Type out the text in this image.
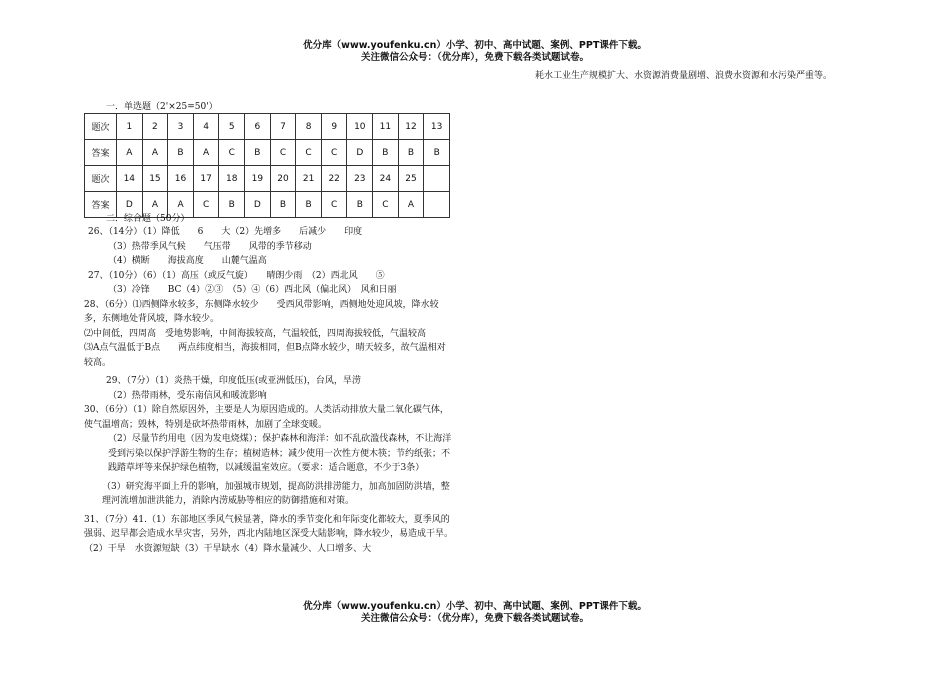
优分库（www.youfenku.cn）小学、初中、高中试题、案例、PPT课件下载。
关注微信公众号：（优分库），免费下载各类试题试卷。
耗水工业生产规模扩大、水资源消费量剧增、浪费水资源和水污染严重等。
一．单选题（2'×25=50'）
题次	1	2	3	4	5	6	7	8	9	10	11	12	13
答案	A	A	B	A	C	B	C	C	C	D	B	B	B
题次	14	15	16	17	18	19	20	21	22	23	24	25	
答案	D	A	A	C	B	D	B	B	C	B	C	A	
二．综合题（50分）

26、（14分）（1）降低　　6　　大（2）先增多　　后减少　　印度

（3）热带季风气候　　气压带　　风带的季节移动

（4）横断　　海拔高度　　山麓气温高

27、（10分）（6）（1）高压（或反气旋）　　晴朗少雨　（2）西北风　　⑤

（3）冷锋　　BC（4）②③　（5）④（6）西北风（偏北风）　风和日丽

28、（6分）⑴西侧降水较多，东侧降水较少　　受西风带影响，西侧地处迎风坡，降水较多，东侧地处背风坡，降水较少。

⑵中间低，四周高　受地势影响，中间海拔较高，气温较低，四周海拔较低，气温较高

⑶A点气温低于B点　　两点纬度相当，海拔相同，但B点降水较少，晴天较多，故气温相对较高。

29、（7分）（1）炎热干燥，印度低压(或亚洲低压)，台风，旱涝

（2）热带雨林，受东南信风和暖流影响

30、（6分）（1）除自然原因外，主要是人为原因造成的。人类活动排放大量二氧化碳气体，使气温增高；毁林，特别是砍坏热带雨林，加剧了全球变暖。

（2）尽量节约用电（因为发电烧煤）；保护森林和海洋：如不乱砍滥伐森林，不让海洋受到污染以保护浮游生物的生存；植树造林；减少使用一次性方便木筷；节约纸张；不践踏草坪等来保护绿色植物，以减缓温室效应。（要求：适合题意，不少于3条）

（3）研究海平面上升的影响，加强城市规划，提高防洪排涝能力，加高加固防洪墙，整理河流增加泄洪能力，消除内涝威胁等相应的防御措施和对策。

31、（7分）41.（1）东部地区季风气候显著，降水的季节变化和年际变化都较大，夏季风的强弱、迟早都会造成水旱灾害，另外，西北内陆地区深受大陆影响，降水较少，易造成干旱。（2）干旱　水资源短缺（3）干旱缺水（4）降水量减少、人口增多、大

优分库（www.youfenku.cn）小学、初中、高中试题、案例、PPT课件下载。
关注微信公众号：（优分库），免费下载各类试题试卷。
